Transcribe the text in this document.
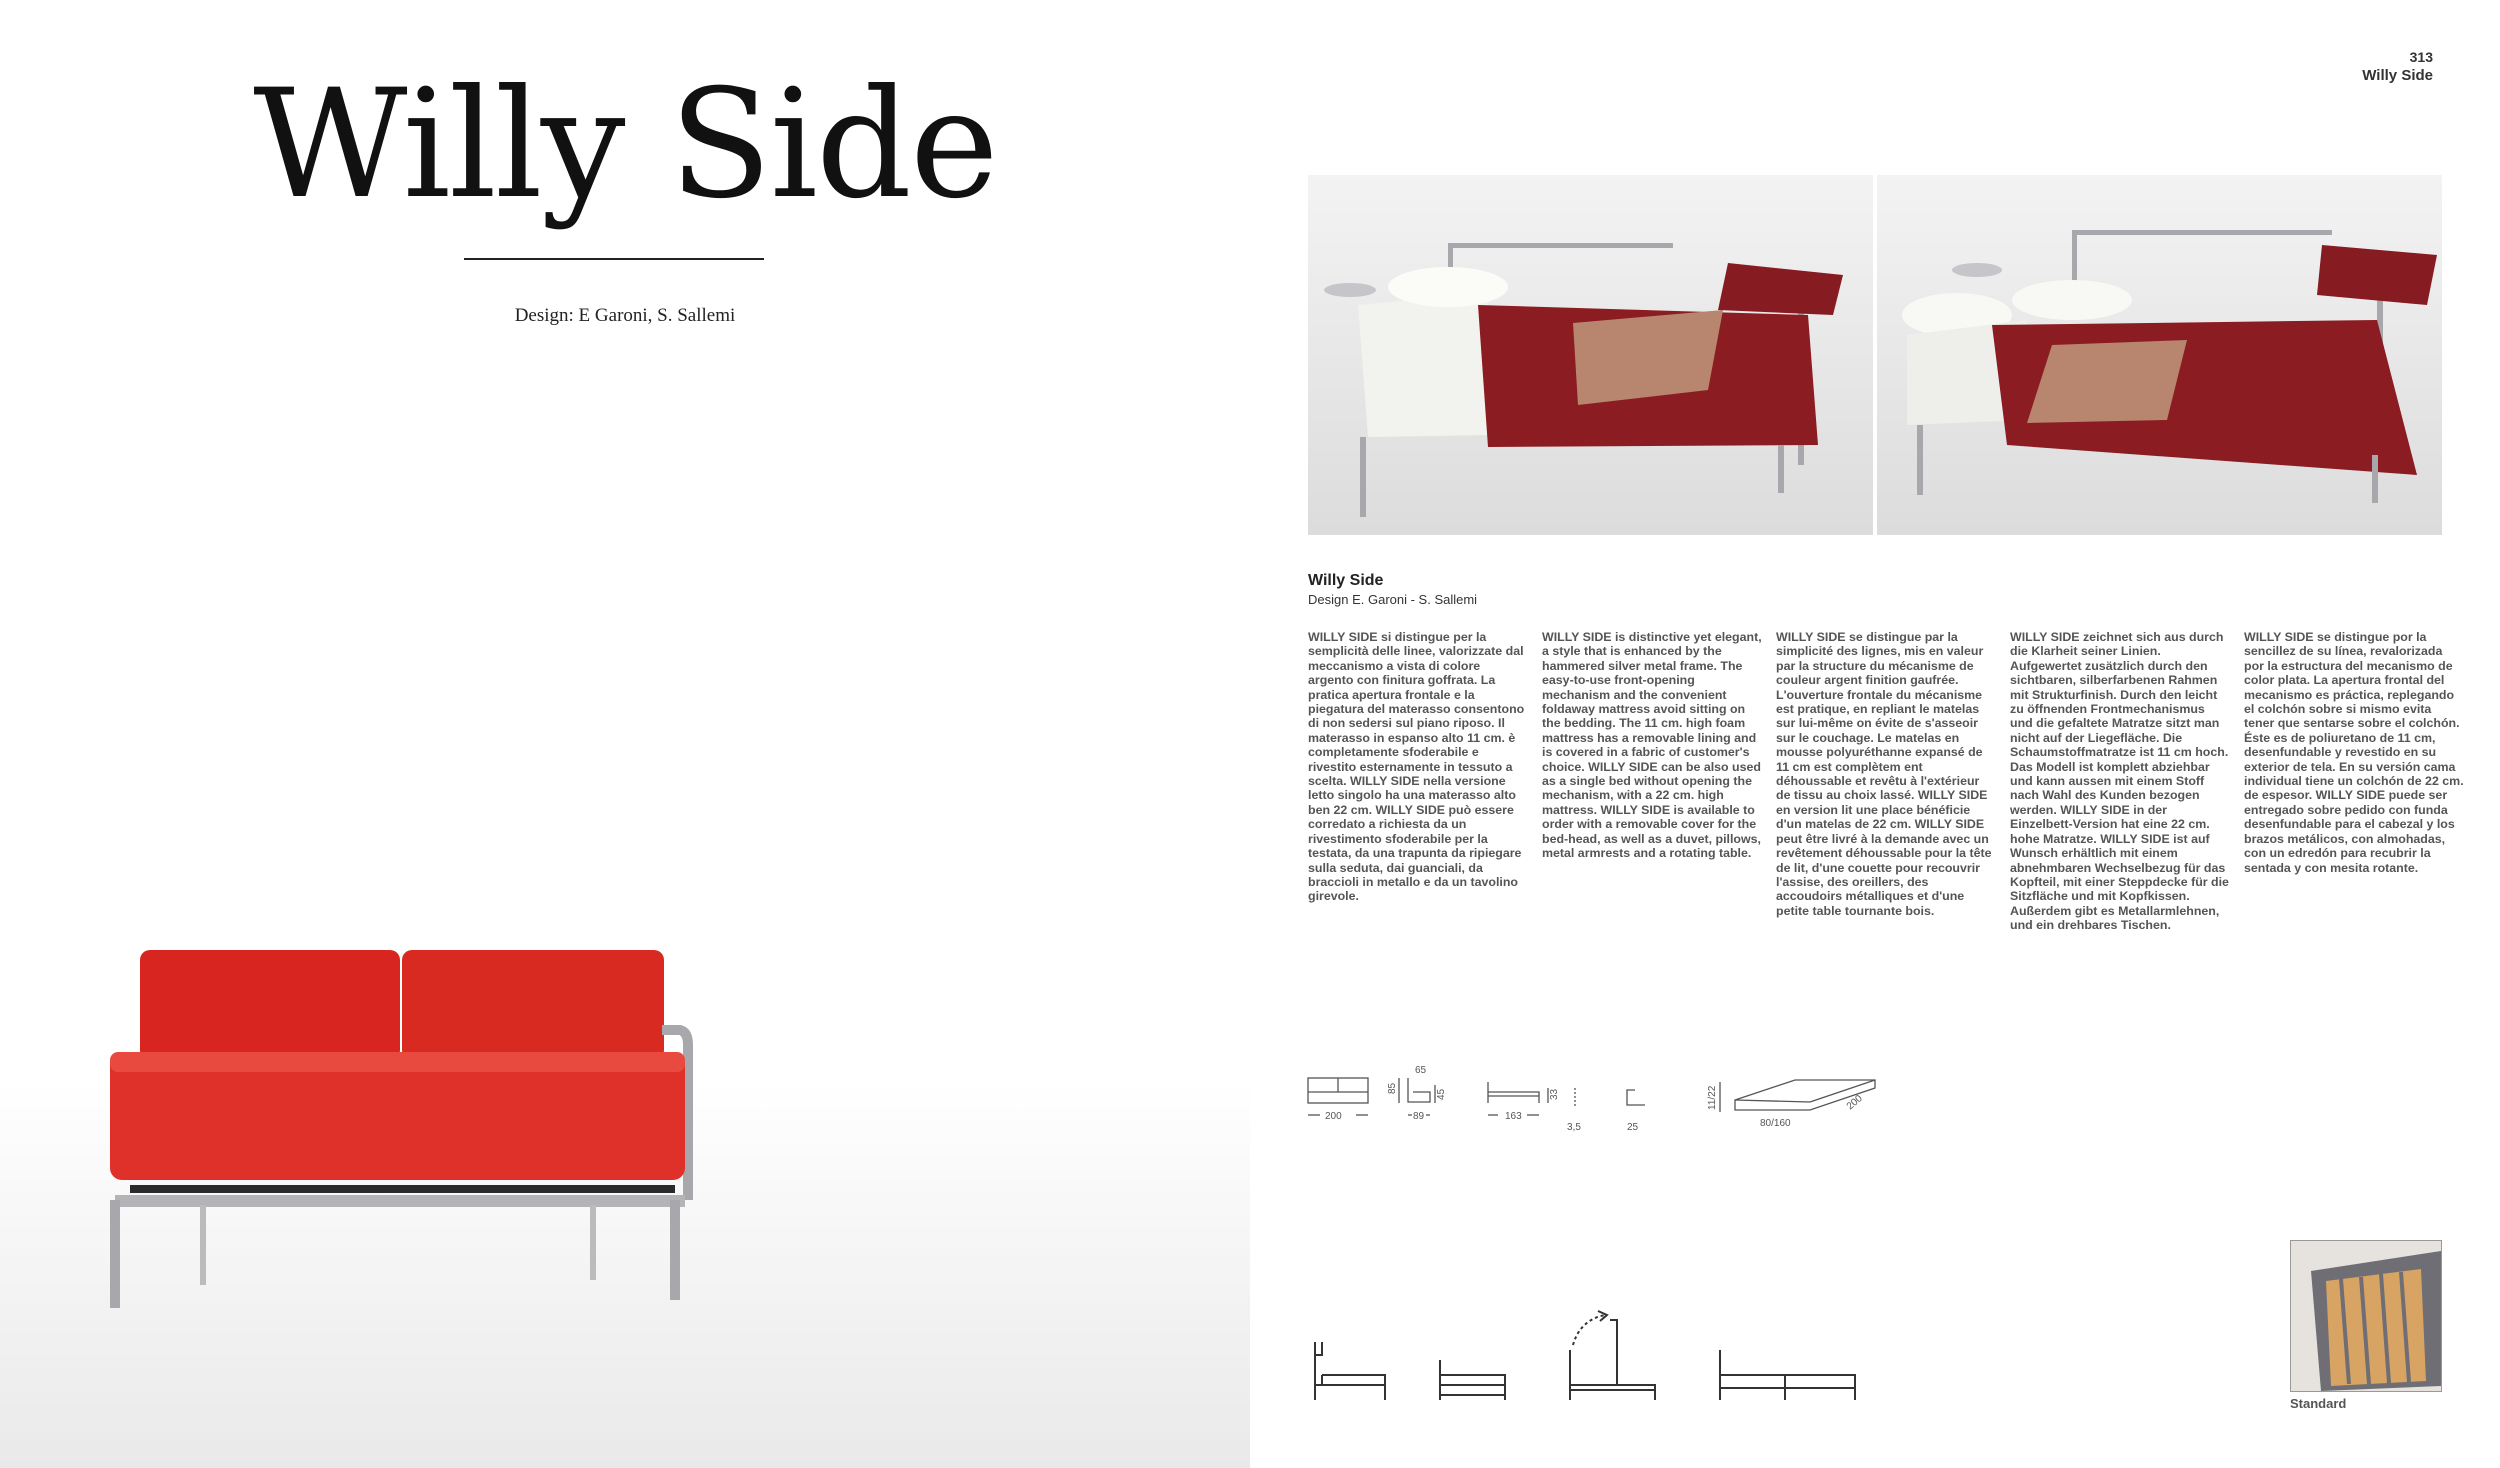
Willy Side
Design: E Garoni, S. Sallemi
313
Willy Side
Willy Side
Design E. Garoni - S. Sallemi
WILLY SIDE si distingue per la semplicità delle linee, valorizzate dal meccanismo a vista di colore argento con finitura goffrata. La pratica apertura frontale e la piegatura del materasso consentono di non sedersi sul piano riposo. Il materasso in espanso alto 11 cm. è completamente sfoderabile e rivestito esternamente in tessuto a scelta. WILLY SIDE nella versione letto singolo ha una materasso alto ben 22 cm. WILLY SIDE può essere corredato a richiesta da un rivestimento sfoderabile per la testata, da una trapunta da ripiegare sulla seduta, dai guanciali, da braccioli in metallo e da un tavolino girevole.
WILLY SIDE is distinctive yet elegant, a style that is enhanced by the hammered silver metal frame. The easy-to-use front-opening mechanism and the convenient foldaway mattress avoid sitting on the bedding. The 11 cm. high foam mattress has a removable lining and is covered in a fabric of customer's choice. WILLY SIDE can be also used as a single bed without opening the mechanism, with a 22 cm. high mattress. WILLY SIDE is available to order with a removable cover for the bed-head, as well as a duvet, pillows, metal armrests and a rotating table.
WILLY SIDE se distingue par la simplicité des lignes, mis en valeur par la structure du mécanisme de couleur argent finition gaufrée. L'ouverture frontale du mécanisme est pratique, en repliant le matelas sur lui-même on évite de s'asseoir sur le couchage. Le matelas en mousse polyuréthanne expansé de 11 cm est complètem ent déhoussable et revêtu à l'extérieur de tissu au choix lassé. WILLY SIDE en version lit une place bénéficie d'un matelas de 22 cm. WILLY SIDE peut être livré à la demande avec un revêtement déhoussable pour la tête de lit, d'une couette pour recouvrir l'assise, des oreillers, des accoudoirs métalliques et d'une petite table tournante bois.
WILLY SIDE zeichnet sich aus durch die Klarheit seiner Linien. Aufgewertet zusätzlich durch den sichtbaren, silberfarbenen Rahmen mit Strukturfinish. Durch den leicht zu öffnenden Frontmechanismus und die gefaltete Matratze sitzt man nicht auf der Liegefläche. Die Schaumstoffmatratze ist 11 cm hoch. Das Modell ist komplett abziehbar und kann aussen mit einem Stoff nach Wahl des Kunden bezogen werden. WILLY SIDE in der Einzelbett-Version hat eine 22 cm. hohe Matratze. WILLY SIDE ist auf Wunsch erhältlich mit einem abnehmbaren Wechselbezug für das Kopfteil, mit einer Steppdecke für die Sitzfläche und mit Kopfkissen. Außerdem gibt es Metallarmlehnen, und ein drehbares Tischen.
WILLY SIDE se distingue por la sencillez de su línea, revalorizada por la estructura del mecanismo de color plata. La apertura frontal del mecanismo es práctica, replegando el colchón sobre si mismo evita tener que sentarse sobre el colchón. Éste es de poliuretano de 11 cm, desenfundable y revestido en su exterior de tela. En su versión cama individual tiene un colchón de 22 cm. de espesor. WILLY SIDE puede ser entregado sobre pedido con funda desenfundable para el cabezal y los brazos metálicos, con almohadas, con un edredón para recubrir la sentada y con mesita rotante.
200
65
85
45
89	163
33
3,5	25
11/22
80/160
200
Standard
